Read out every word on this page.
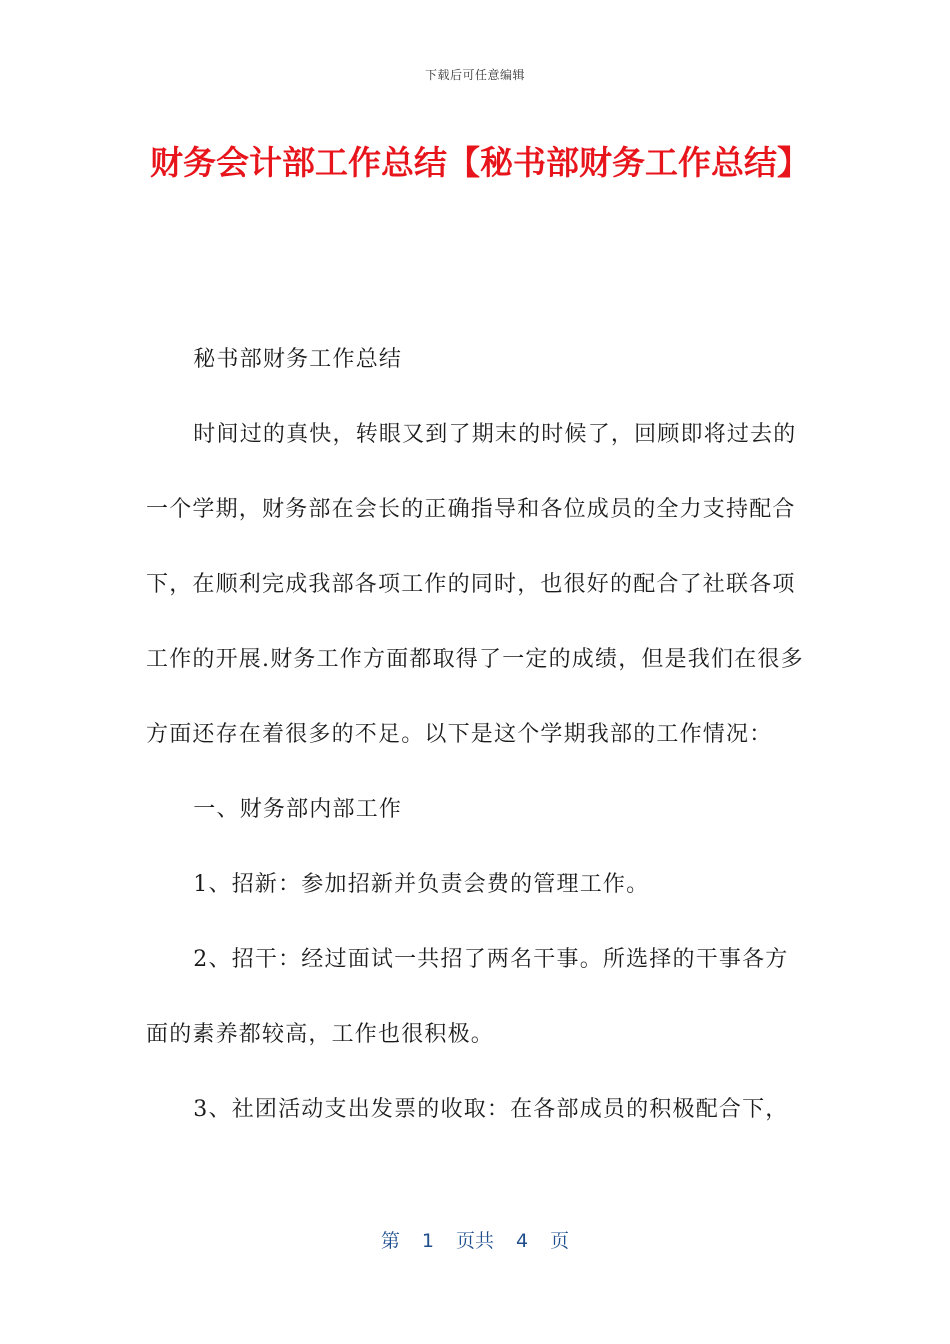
下载后可任意编辑
财务会计部工作总结【秘书部财务工作总结】

秘书部财务工作总结

时间过的真快，转眼又到了期末的时候了，回顾即将过去的一个学期，财务部在会长的正确指导和各位成员的全力支持配合下，在顺利完成我部各项工作的同时，也很好的配合了社联各项工作的开展.财务工作方面都取得了一定的成绩，但是我们在很多方面还存在着很多的不足。以下是这个学期我部的工作情况：

一、财务部内部工作

1、招新：参加招新并负责会费的管理工作。

2、招干：经过面试一共招了两名干事。所选择的干事各方面的素养都较高，工作也很积极。

3、社团活动支出发票的收取：在各部成员的积极配合下，

第 1 页共 4 页
